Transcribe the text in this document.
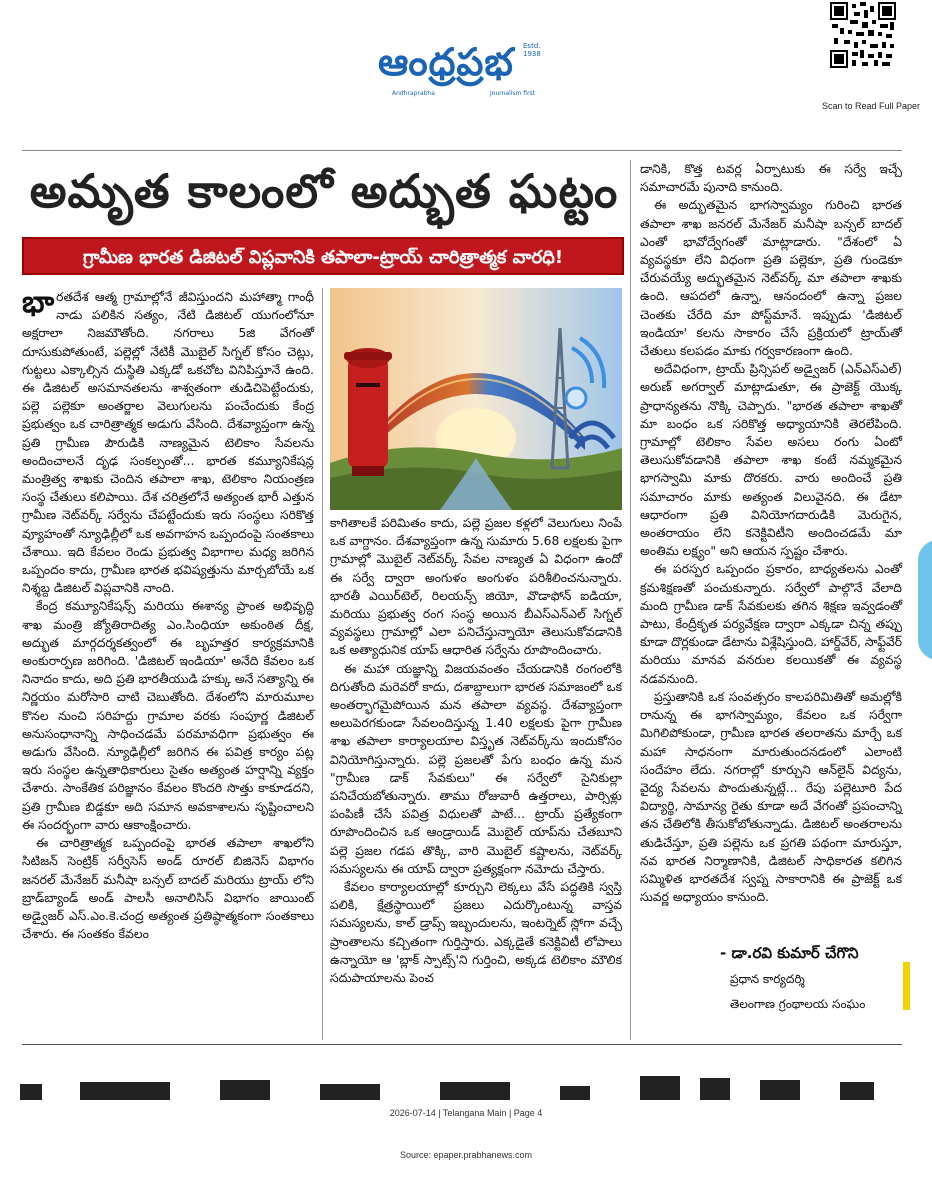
ఆంధ్రప్రభ Estd. 1938
Andhraprabha	Journalism first
Scan to Read Full Paper
అమృత కాలంలో అద్భుత ఘట్టం
గ్రామీణ భారత డిజిటల్ విప్లవానికి తపాలా-ట్రాయ్ చారిత్రాత్మక వారధి!

భారతదేశ ఆత్మ గ్రామాల్లోనే జీవిస్తుందని మహాత్మా గాంధీ నాడు పలికిన సత్యం, నేటి డిజిటల్ యుగంలోనూ అక్షరాలా నిజమౌతోంది. నగరాలు 5జి వేగంతో దూసుకుపోతుంటే, పల్లెల్లో నేటికీ మొబైల్ సిగ్నల్ కోసం చెట్లు, గుట్టలు ఎక్కాల్సిన దుస్థితి ఎక్కడో ఒకచోట వినిపిస్తూనే ఉంది. ఈ డిజిటల్ అసమానతలను శాశ్వతంగా తుడిచిపెట్టేందుకు, పల్లె పల్లెకూ అంతర్జాల వెలుగులను పంచేందుకు కేంద్ర ప్రభుత్వం ఒక చారిత్రాత్మక అడుగు వేసింది. దేశవ్యాప్తంగా ఉన్న ప్రతి గ్రామీణ పౌరుడికి నాణ్యమైన టెలికాం సేవలను అందించాలనే దృఢ సంకల్పంతో... భారత కమ్యూనికేషన్ల మంత్రిత్వ శాఖకు చెందిన తపాలా శాఖ, టెలికాం నియంత్రణ సంస్థ చేతులు కలిపాయి. దేశ చరిత్రలోనే అత్యంత భారీ ఎత్తున గ్రామీణ నెట్‌వర్క్ సర్వేను చేపట్టేందుకు ఇరు సంస్థలు సరికొత్త వ్యూహంతో న్యూఢిల్లీలో ఒక అవగాహన ఒప్పందంపై సంతకాలు చేశాయి. ఇది కేవలం రెండు ప్రభుత్వ విభాగాల మధ్య జరిగిన ఒప్పందం కాదు, గ్రామీణ భారత భవిష్యత్తును మార్చబోయే ఒక నిశ్శబ్ద డిజిటల్ విప్లవానికి నాంది.

కేంద్ర కమ్యూనికేషన్స్ మరియు ఈశాన్య ప్రాంత అభివృద్ధి శాఖ మంత్రి జ్యోతిరాదిత్య ఎం.సింధియా అకుంఠిత దీక్ష, అద్భుత మార్గదర్శకత్వంలో ఈ బృహత్తర కార్యక్రమానికి అంకురార్పణ జరిగింది. 'డిజిటల్ ఇండియా' అనేది కేవలం ఒక నినాదం కాదు, అది ప్రతి భారతీయుడి హక్కు అనే సత్యాన్ని ఈ నిర్ణయం మరోసారి చాటి చెబుతోంది. దేశంలోని మారుమూల కొనల నుంచి సరిహద్దు గ్రామాల వరకు సంపూర్ణ డిజిటల్ అనుసంధానాన్ని సాధించడమే పరమావధిగా ప్రభుత్వం ఈ అడుగు వేసింది. న్యూఢిల్లీలో జరిగిన ఈ పవిత్ర కార్యం పట్ల ఇరు సంస్థల ఉన్నతాధికారులు సైతం అత్యంత హర్షాన్ని వ్యక్తం చేశారు. సాంకేతిక పరిజ్ఞానం కేవలం కొందరి సొత్తు కాకూడదని, ప్రతి గ్రామీణ బిడ్డకూ అది సమాన అవకాశాలను సృష్టించాలని ఈ సందర్భంగా వారు ఆకాంక్షించారు.

ఈ చారిత్రాత్మక ఒప్పందంపై భారత తపాలా శాఖలోని సిటిజన్ సెంట్రిక్ సర్వీసెస్ అండ్ రూరల్ బిజినెస్ విభాగం జనరల్ మేనేజర్ మనీషా బన్సల్ బాదల్ మరియు ట్రాయ్ లోని బ్రాడ్‌బ్యాండ్ అండ్ పాలసీ అనాలిసిస్ విభాగం జాయింట్ అడ్వైజర్ ఎస్.ఎం.కె.చంద్ర అత్యంత ప్రతిష్ఠాత్మకంగా సంతకాలు చేశారు. ఈ సంతకం కేవలం

కాగితాలకే పరిమితం కాదు, పల్లె ప్రజల కళ్లలో వెలుగులు నింపే ఒక వాగ్దానం. దేశవ్యాప్తంగా ఉన్న సుమారు 5.68 లక్షలకు పైగా గ్రామాల్లో మొబైల్ నెట్‌వర్క్ సేవల నాణ్యత ఏ విధంగా ఉందో ఈ సర్వే ద్వారా అంగుళం అంగుళం పరిశీలించనున్నారు. భారతీ ఎయిర్‌టెల్, రిలయన్స్ జియో, వొడాఫోన్ ఐడియా, మరియు ప్రభుత్వ రంగ సంస్థ అయిన బీఎస్ఎన్ఎల్ సిగ్నల్ వ్యవస్థలు గ్రామాల్లో ఎలా పనిచేస్తున్నాయో తెలుసుకోవడానికి ఒక అత్యాధునిక యాప్ ఆధారిత సర్వేను రూపొందించారు.

ఈ మహా యజ్ఞాన్ని విజయవంతం చేయడానికి రంగంలోకి దిగుతోంది మరెవరో కాదు, దశాబ్దాలుగా భారత సమాజంలో ఒక అంతర్భాగమైపోయిన మన తపాలా వ్యవస్థ. దేశవ్యాప్తంగా అలుపెరగకుండా సేవలందిస్తున్న 1.40 లక్షలకు పైగా గ్రామీణ శాఖ తపాలా కార్యాలయాల విస్తృత నెట్‌వర్క్‌ను ఇందుకోసం వినియోగిస్తున్నారు. పల్లె ప్రజలతో పేగు బంధం ఉన్న మన "గ్రామీణ డాక్ సేవకులు" ఈ సర్వేలో సైనికుల్లా పనిచేయబోతున్నారు. తాము రోజువారీ ఉత్తరాలు, పార్సిళ్లు పంపిణీ చేసే పవిత్ర విధులతో పాటే... ట్రాయ్ ప్రత్యేకంగా రూపొందించిన ఒక ఆండ్రాయిడ్ మొబైల్ యాప్‌ను చేతబూని పల్లె ప్రజల గడప తొక్కి, వారి మొబైల్ కష్టాలను, నెట్‌వర్క్ సమస్యలను ఈ యాప్ ద్వారా ప్రత్యక్షంగా నమోదు చేస్తారు.

కేవలం కార్యాలయాల్లో కూర్చుని లెక్కలు వేసే పద్ధతికి స్వస్తి పలికి, క్షేత్రస్థాయిలో ప్రజలు ఎదుర్కొంటున్న వాస్తవ సమస్యలను, కాల్ డ్రాప్స్ ఇబ్బందులను, ఇంటర్నెట్ స్లోగా వచ్చే ప్రాంతాలను కచ్చితంగా గుర్తిస్తారు. ఎక్కడైతే కనెక్టివిటీ లోపాలు ఉన్నాయో ఆ 'బ్లాక్ స్పాట్స్'ని గుర్తించి, అక్కడ టెలికాం మౌలిక సదుపాయాలను పెంచ

డానికి, కొత్త టవర్ల ఏర్పాటుకు ఈ సర్వే ఇచ్చే సమాచారమే పునాది కానుంది.

ఈ అద్భుతమైన భాగస్వామ్యం గురించి భారత తపాలా శాఖ జనరల్ మేనేజర్ మనీషా బన్సల్ బాదల్ ఎంతో భావోద్వేగంతో మాట్లాడారు. "దేశంలో ఏ వ్యవస్థకూ లేని విధంగా ప్రతి పల్లెకూ, ప్రతి గుండెకూ చేరువయ్యే అద్భుతమైన నెట్‌వర్క్ మా తపాలా శాఖకు ఉంది. ఆపదలో ఉన్నా, ఆనందంలో ఉన్నా ప్రజల చెంతకు చేరేది మా పోస్ట్‌మానే. ఇప్పుడు 'డిజిటల్ ఇండియా' కలను సాకారం చేసే ప్రక్రియలో ట్రాయ్‌తో చేతులు కలపడం మాకు గర్వకారణంగా ఉంది.

అదేవిధంగా, ట్రాయ్ ప్రిన్సిపల్ అడ్వైజర్ (ఎన్ఎస్ఎల్) అరుణ్ అగర్వాల్ మాట్లాడుతూ, ఈ ప్రాజెక్ట్ యొక్క ప్రాధాన్యతను నొక్కి చెప్పారు. "భారత తపాలా శాఖతో మా బంధం ఒక సరికొత్త అధ్యాయానికి తెరలేపింది. గ్రామాల్లో టెలికాం సేవల అసలు రంగు ఏంటో తెలుసుకోవడానికి తపాలా శాఖ కంటే నమ్మకమైన భాగస్వామి మాకు దొరకరు. వారు అందించే ప్రతి సమాచారం మాకు అత్యంత విలువైనది. ఈ డేటా ఆధారంగా ప్రతి వినియోగదారుడికి మెరుగైన, అంతరాయం లేని కనెక్టివిటీని అందించడమే మా అంతిమ లక్ష్యం" అని ఆయన స్పష్టం చేశారు.

ఈ పరస్పర ఒప్పందం ప్రకారం, బాధ్యతలను ఎంతో క్రమశిక్షణతో పంచుకున్నారు. సర్వేలో పాల్గొనే వేలాది మంది గ్రామీణ డాక్ సేవకులకు తగిన శిక్షణ ఇవ్వడంతో పాటు, కేంద్రీకృత పర్యవేక్షణ ద్వారా ఎక్కడా చిన్న తప్పు కూడా దొర్లకుండా డేటాను విశ్లేషిస్తుంది. హార్డ్‌వేర్, సాఫ్ట్‌వేర్ మరియు మానవ వనరుల కలయికతో ఈ వ్యవస్థ నడవనుంది.

ప్రస్తుతానికి ఒక సంవత్సరం కాలపరిమితితో అమల్లోకి రానున్న ఈ భాగస్వామ్యం, కేవలం ఒక సర్వేగా మిగిలిపోకుండా, గ్రామీణ భారత తలరాతను మార్చే ఒక మహా సాధనంగా మారుతుందనడంలో ఎలాంటి సందేహం లేదు. నగరాల్లో కూర్చుని ఆన్‌లైన్ విద్యను, వైద్య సేవలను పొందుతున్నట్లే... రేపు పల్లెటూరి పేద విద్యార్థి, సామాన్య రైతు కూడా అదే వేగంతో ప్రపంచాన్ని తన చేతిలోకి తీసుకోబోతున్నాడు. డిజిటల్ అంతరాలను తుడిచేస్తూ, ప్రతి పల్లెను ఒక ప్రగతి పథంగా మారుస్తూ, నవ భారత నిర్మాణానికి, డిజిటల్ సాధికారత కలిగిన సమ్మిళిత భారతదేశ స్వప్న సాకారానికి ఈ ప్రాజెక్ట్ ఒక సువర్ణ అధ్యాయం కానుంది.

- డా.రవి కుమార్ చేగొని
ప్రధాన కార్యదర్శి
తెలంగాణ గ్రంథాలయ సంఘం
2026-07-14 | Telangana Main | Page 4
Source: epaper.prabhanews.com
